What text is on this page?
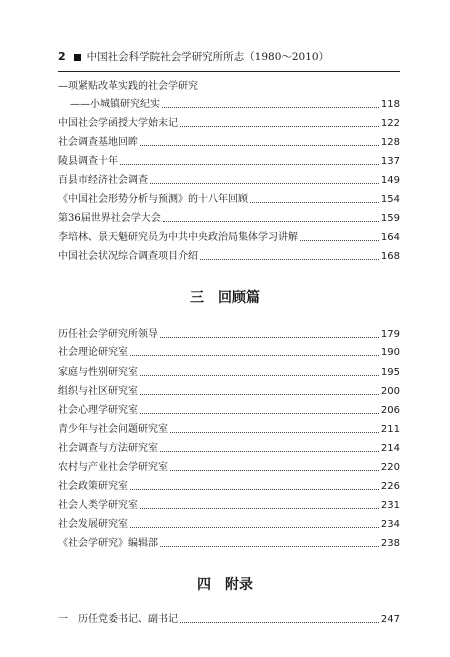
2 中国社会科学院社会学研究所所志（1980～2010）
—项紧贴改革实践的社会学研究
——小城镇研究纪实	118
中国社会学函授大学始末记	122
社会调查基地回眸	128
陵县调查十年	137
百县市经济社会调查	149
《中国社会形势分析与预测》的十八年回顾	154
第36届世界社会学大会	159
李培林、景天魁研究员为中共中央政治局集体学习讲解	164
中国社会状况综合调查项目介绍	168
三 回顾篇
历任社会学研究所领导	179
社会理论研究室	190
家庭与性别研究室	195
组织与社区研究室	200
社会心理学研究室	206
青少年与社会问题研究室	211
社会调查与方法研究室	214
农村与产业社会学研究室	220
社会政策研究室	226
社会人类学研究室	231
社会发展研究室	234
《社会学研究》编辑部	238
四 附录
一　历任党委书记、副书记	247
